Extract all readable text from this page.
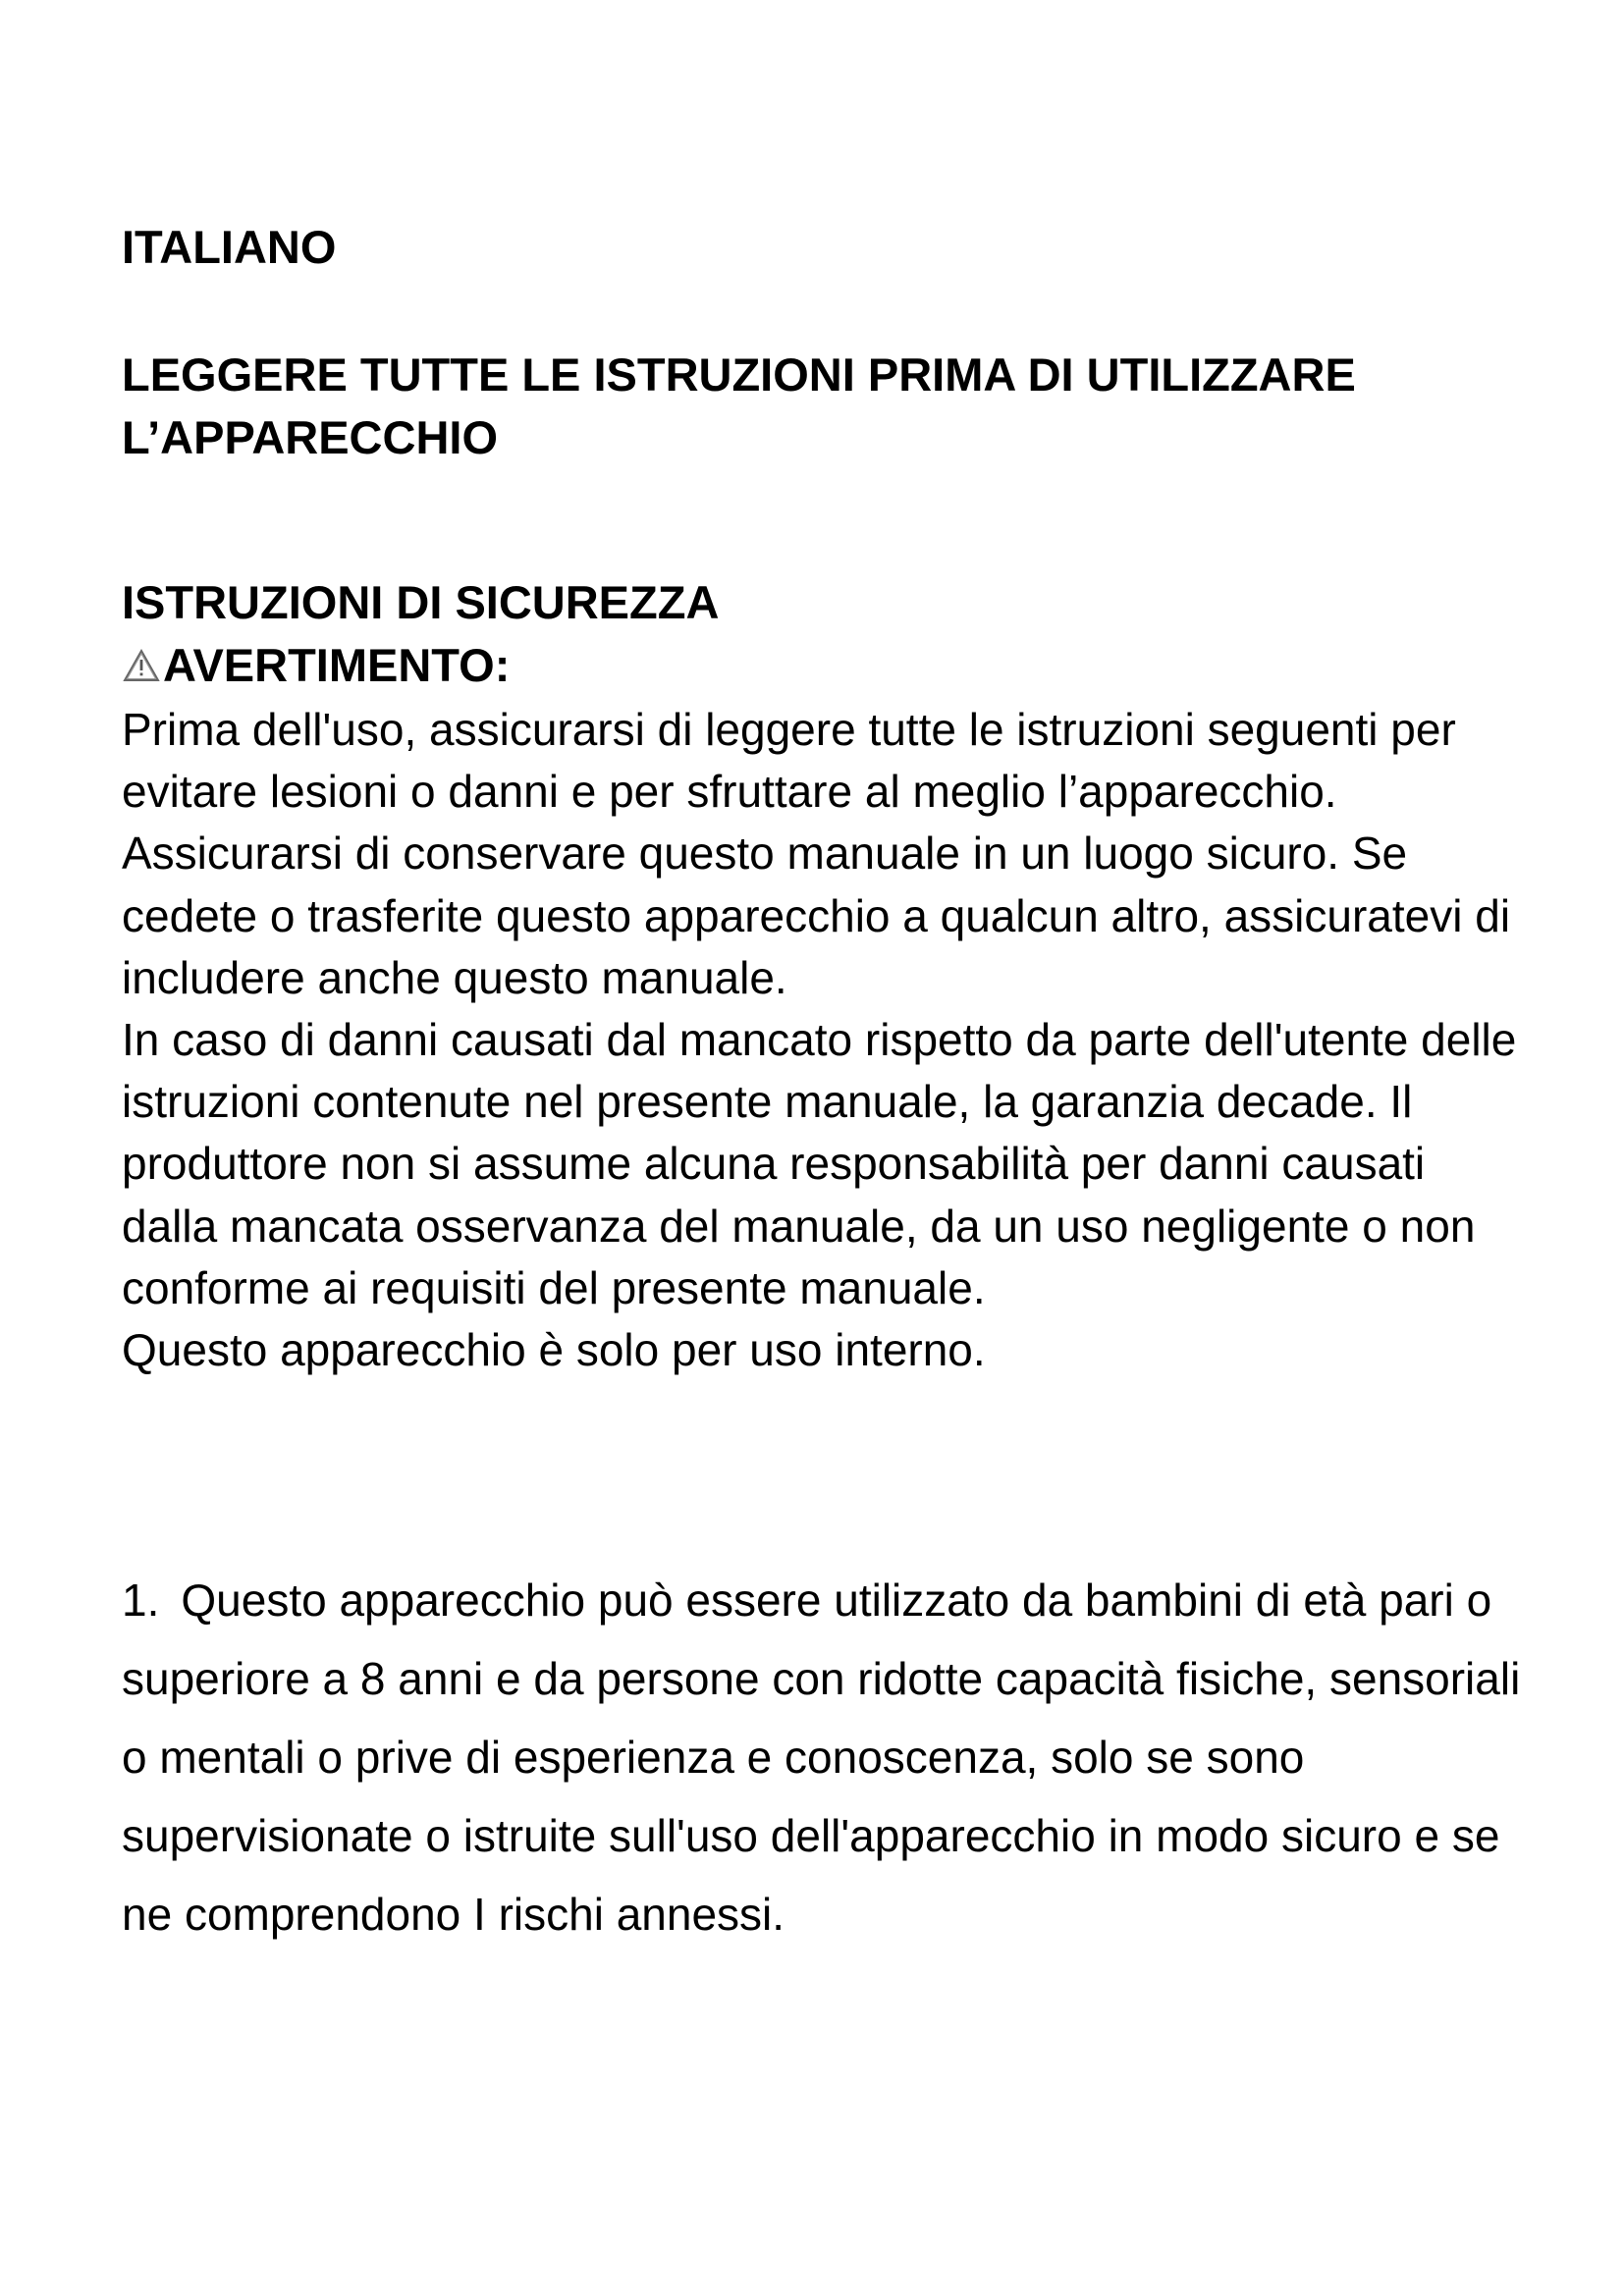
ITALIANO
LEGGERE TUTTE LE ISTRUZIONI PRIMA DI UTILIZZARE L’APPARECCHIO
ISTRUZIONI DI SICUREZZA
AVERTIMENTO:

Prima dell'uso, assicurarsi di leggere tutte le istruzioni seguenti per evitare lesioni o danni e per sfruttare al meglio l’apparecchio. Assicurarsi di conservare questo manuale in un luogo sicuro. Se cedete o trasferite questo apparecchio a qualcun altro, assicuratevi di includere anche questo manuale.

In caso di danni causati dal mancato rispetto da parte dell'utente delle istruzioni contenute nel presente manuale, la garanzia decade. Il produttore non si assume alcuna responsabilità per danni causati dalla mancata osservanza del manuale, da un uso negligente o non conforme ai requisiti del presente manuale.

Questo apparecchio è solo per uso interno.

1. Questo apparecchio può essere utilizzato da bambini di età pari o superiore a 8 anni e da persone con ridotte capacità fisiche, sensoriali o mentali o prive di esperienza e conoscenza, solo se sono supervisionate o istruite sull'uso dell'apparecchio in modo sicuro e se ne comprendono I rischi annessi.
